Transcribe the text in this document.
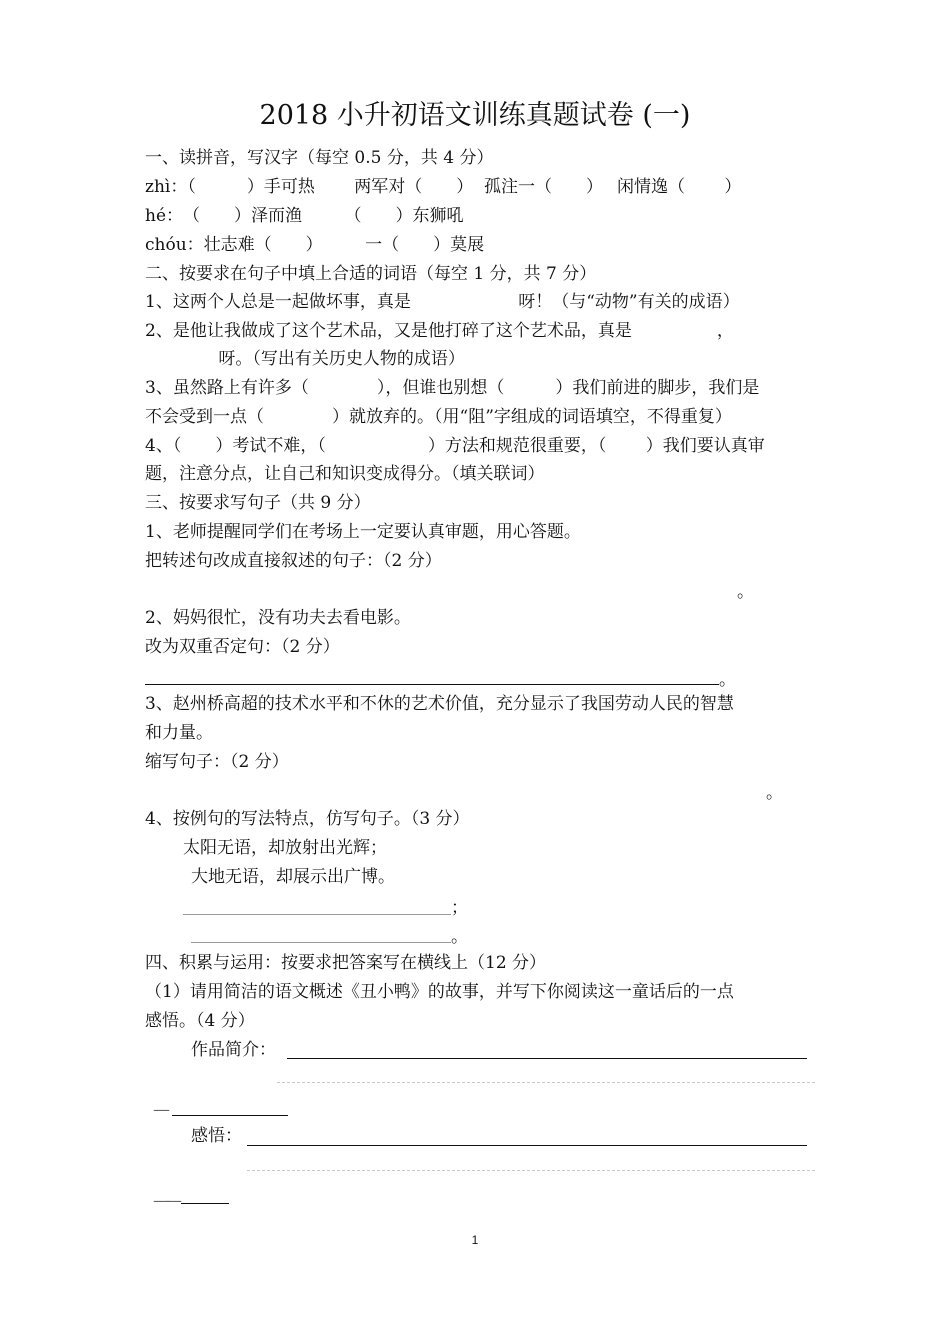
2018 小升初语文训练真题试卷 (一)
一、读拼音，写汉字（每空 0.5 分，共 4 分）
zhì：（　　　）手可热　　 两军对（　　）  孤注一（　　）　 闲情逸（　　 ）
hé：　（　　）泽而渔　　　（　　）东狮吼
chóu：壮志难（　　）　　　一（　　）莫展
二、按要求在句子中填上合适的词语（每空 1 分，共 7 分）
1、这两个人总是一起做坏事，真是　　　　　　 呀！（与“动物”有关的成语）
2、是他让我做成了这个艺术品，又是他打碎了这个艺术品，真是　　　　　，
　　　　 呀。（写出有关历史人物的成语）
3、虽然路上有许多（　　　　），但谁也别想（　　　）我们前进的脚步，我们是
不会受到一点（　　　　）就放弃的。（用“阻”字组成的词语填空，不得重复）
4、（　　）考试不难，（　　　　　　）方法和规范很重要，（　　 ）我们要认真审
题，注意分点，让自己和知识变成得分。（填关联词）
三、按要求写句子（共 9 分）
1、老师提醒同学们在考场上一定要认真审题，用心答题。
把转述句改成直接叙述的句子：（2 分）
。
2、妈妈很忙，没有功夫去看电影。
改为双重否定句：（2 分）
。
3、赵州桥高超的技术水平和不休的艺术价值，充分显示了我国劳动人民的智慧
和力量。
缩写句子：（2 分）
。
4、按例句的写法特点，仿写句子。（3 分）
太阳无语，却放射出光辉；
大地无语，却展示出广博。
；
。
四、积累与运用：按要求把答案写在横线上（12 分）
（1）请用简洁的语文概述《丑小鸭》的故事，并写下你阅读这一童话后的一点
感悟。（4 分）
作品简介：
—
感悟：
—
—
1
